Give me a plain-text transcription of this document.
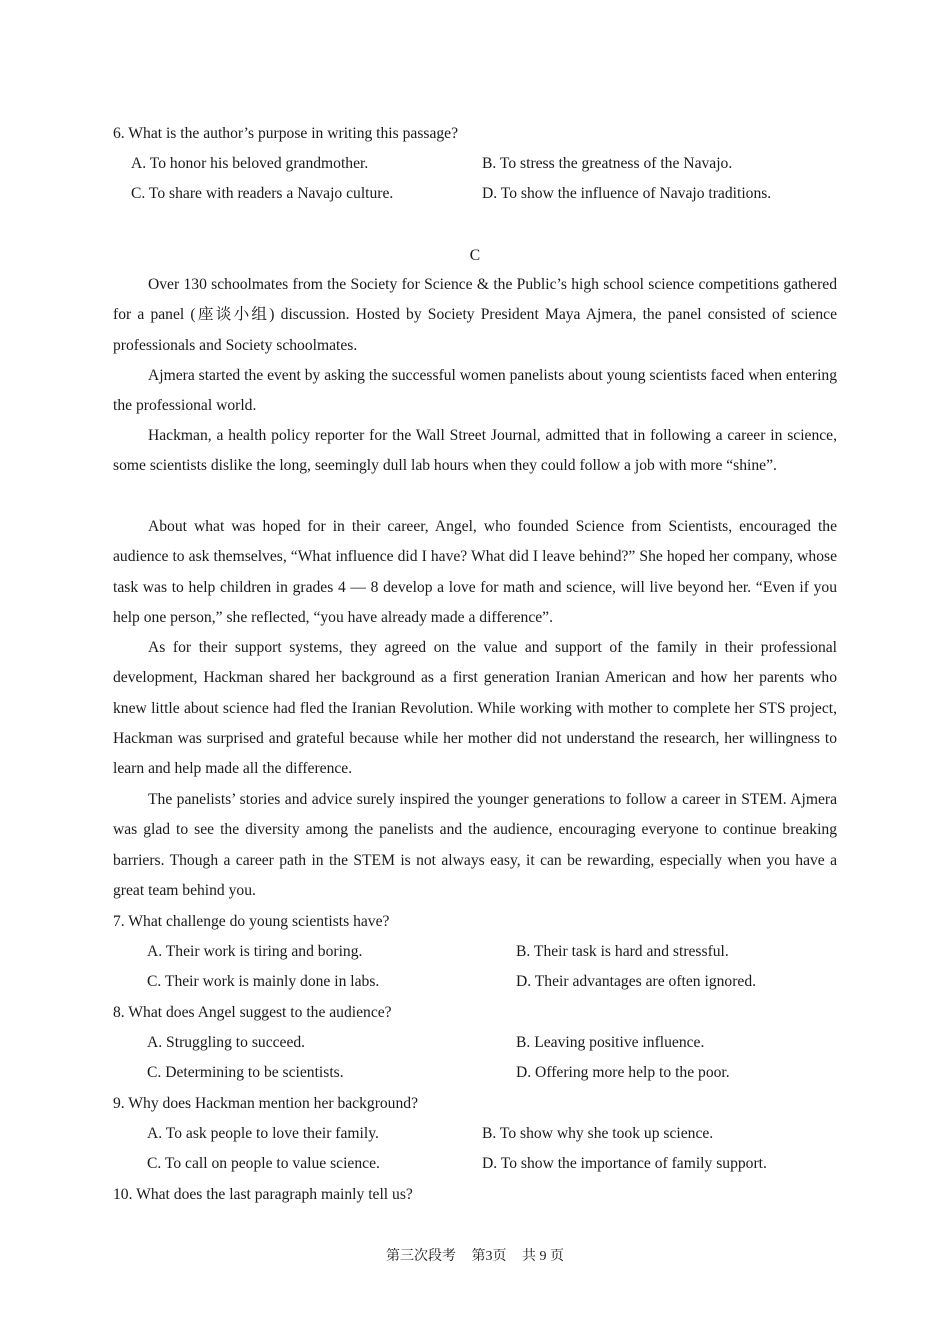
6. What is the author’s purpose in writing this passage?
A. To honor his beloved grandmother.	B. To stress the greatness of the Navajo.
C. To share with readers a Navajo culture.	D. To show the influence of Navajo traditions.
C

Over 130 schoolmates from the Society for Science & the Public’s high school science competitions gathered for a panel (座谈小组) discussion. Hosted by Society President Maya Ajmera, the panel consisted of science professionals and Society schoolmates.

Ajmera started the event by asking the successful women panelists about young scientists faced when entering the professional world.

Hackman, a health policy reporter for the Wall Street Journal, admitted that in following a career in science, some scientists dislike the long, seemingly dull lab hours when they could follow a job with more “shine”.

About what was hoped for in their career, Angel, who founded Science from Scientists, encouraged the audience to ask themselves, “What influence did I have? What did I leave behind?” She hoped her company, whose task was to help children in grades 4 — 8 develop a love for math and science, will live beyond her. “Even if you help one person,” she reflected, “you have already made a difference”.

As for their support systems, they agreed on the value and support of the family in their professional development, Hackman shared her background as a first generation Iranian American and how her parents who knew little about science had fled the Iranian Revolution. While working with mother to complete her STS project, Hackman was surprised and grateful because while her mother did not understand the research, her willingness to learn and help made all the difference.

The panelists’ stories and advice surely inspired the younger generations to follow a career in STEM. Ajmera was glad to see the diversity among the panelists and the audience, encouraging everyone to continue breaking barriers. Though a career path in the STEM is not always easy, it can be rewarding, especially when you have a great team behind you.

7. What challenge do young scientists have?
A. Their work is tiring and boring.	B. Their task is hard and stressful.
C. Their work is mainly done in labs.	D. Their advantages are often ignored.
8. What does Angel suggest to the audience?
A. Struggling to succeed.	B. Leaving positive influence.
C. Determining to be scientists.	D. Offering more help to the poor.
9. Why does Hackman mention her background?
A. To ask people to love their family.	B. To show why she took up science.
C. To call on people to value science.	D. To show the importance of family support.
10. What does the last paragraph mainly tell us?
第三次段考 第3页 共 9 页
